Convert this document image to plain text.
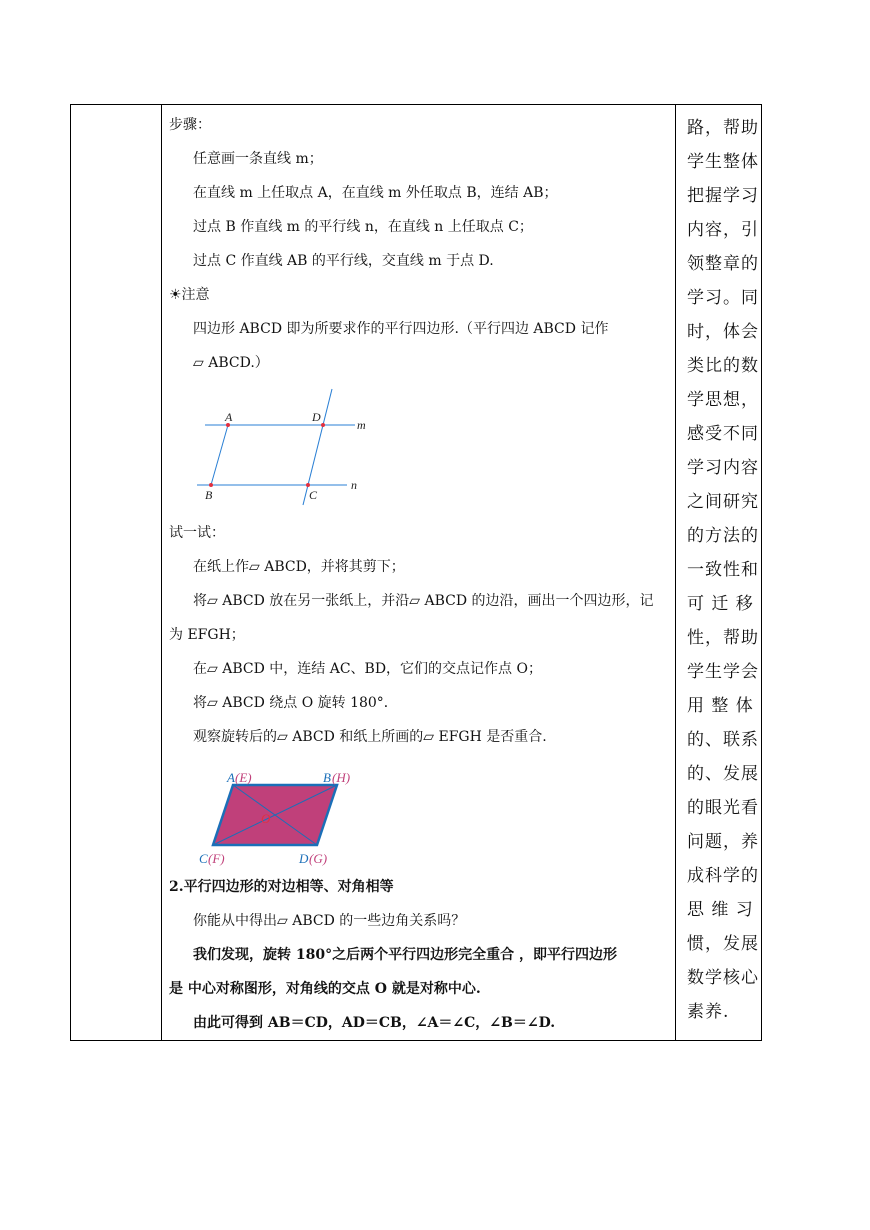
步骤：
任意画一条直线 m；
在直线 m 上任取点 A，在直线 m 外任取点 B，连结 AB；
过点 B 作直线 m 的平行线 n，在直线 n 上任取点 C；
过点 C 作直线 AB 的平行线，交直线 m 于点 D.
☀注意
四边形 ABCD 即为所要求作的平行四边形.（平行四边 ABCD 记作
▱ ABCD.）
A	D
m
B	C
n
试一试：
在纸上作▱ ABCD，并将其剪下；
将▱ ABCD 放在另一张纸上，并沿▱ ABCD 的边沿，画出一个四边形，记
为 EFGH；
在▱ ABCD 中，连结 AC、BD，它们的交点记作点 O；
将▱ ABCD 绕点 O 旋转 180°．
观察旋转后的▱ ABCD 和纸上所画的▱ EFGH 是否重合.
A (E)	B (H)
O
C (F)	D (G)
2.平行四边形的对边相等、对角相等
你能从中得出▱ ABCD 的一些边角关系吗？
我们发现，旋转 180°之后两个平行四边形完全重合 ，即平行四边形
是 中心对称图形，对角线的交点 O 就是对称中心.
由此可得到 AB＝CD，AD＝CB，∠A＝∠C，∠B＝∠D.
路，帮助
学生整体
把握学习
内容，引
领整章的
学习。同
时，体会
类比的数
学思想，
感受不同
学习内容
之间研究
的方法的
一致性和
可 迁 移
性，帮助
学生学会
用 整 体
的、联系
的、发展
的眼光看
问题，养
成科学的
思 维 习
惯，发展
数学核心
素养.
